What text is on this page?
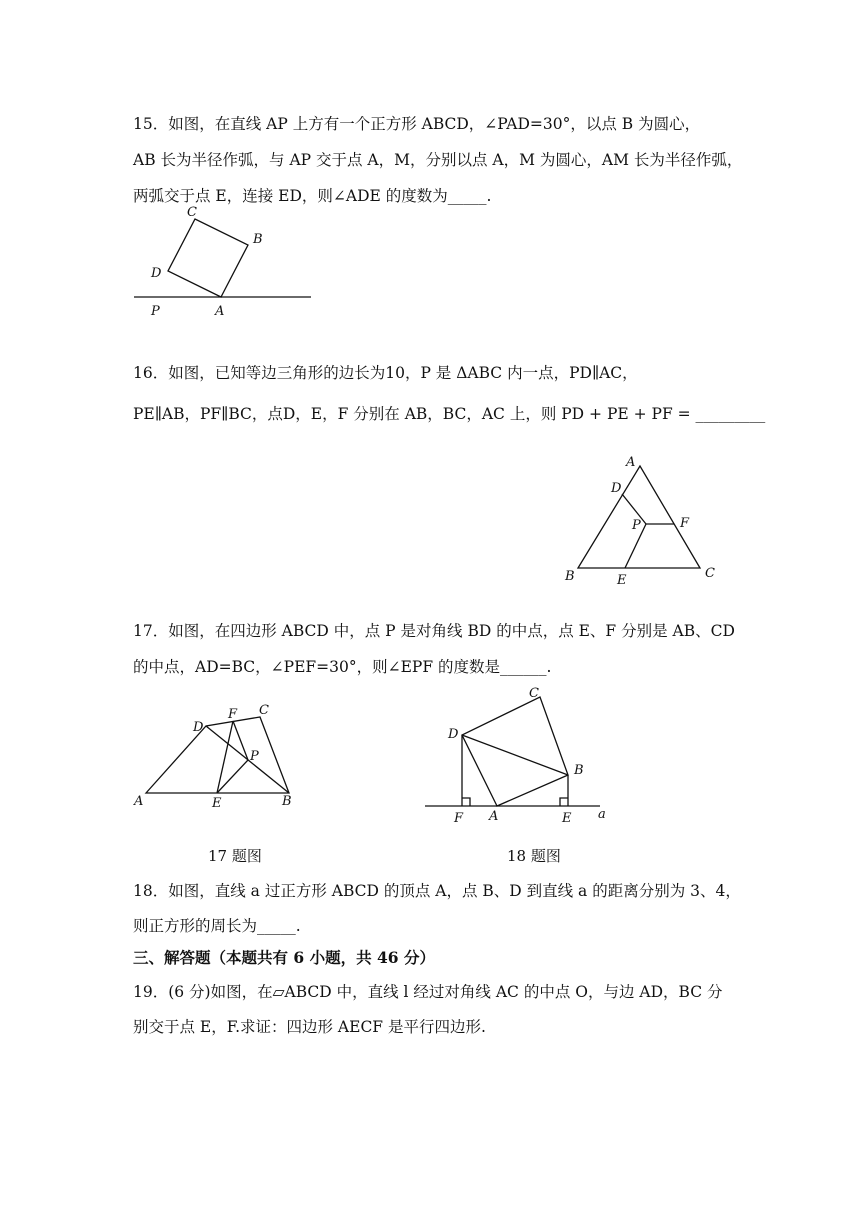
15．如图，在直线 AP 上方有一个正方形 ABCD，∠PAD=30°，以点 B 为圆心，
AB 长为半径作弧，与 AP 交于点 A，M，分别以点 A，M 为圆心，AM 长为半径作弧，
两弧交于点 E，连接 ED，则∠ADE 的度数为_____.
C
B
D
P	A
16．如图，已知等边三角形的边长为10，P 是 ΔABC 内一点，PD∥AC，
PE∥AB，PF∥BC，点D，E，F 分别在 AB，BC，AC 上，则 PD + PE + PF = _________
A
D
P	F
B	E	C
17．如图，在四边形 ABCD 中，点 P 是对角线 BD 的中点，点 E、F 分别是 AB、CD
的中点，AD=BC，∠PEF=30°，则∠EPF 的度数是______.
D
F C
P
A	E	B
17 题图
C
D
B
F A	E a
18 题图
18．如图，直线 a 过正方形 ABCD 的顶点 A，点 B、D 到直线 a 的距离分别为 3、4，
则正方形的周长为_____.
三、解答题（本题共有 6 小题，共 46 分）
19．(6 分)如图，在▱ABCD 中，直线 l 经过对角线 AC 的中点 O，与边 AD，BC 分
别交于点 E，F.求证：四边形 AECF 是平行四边形.
